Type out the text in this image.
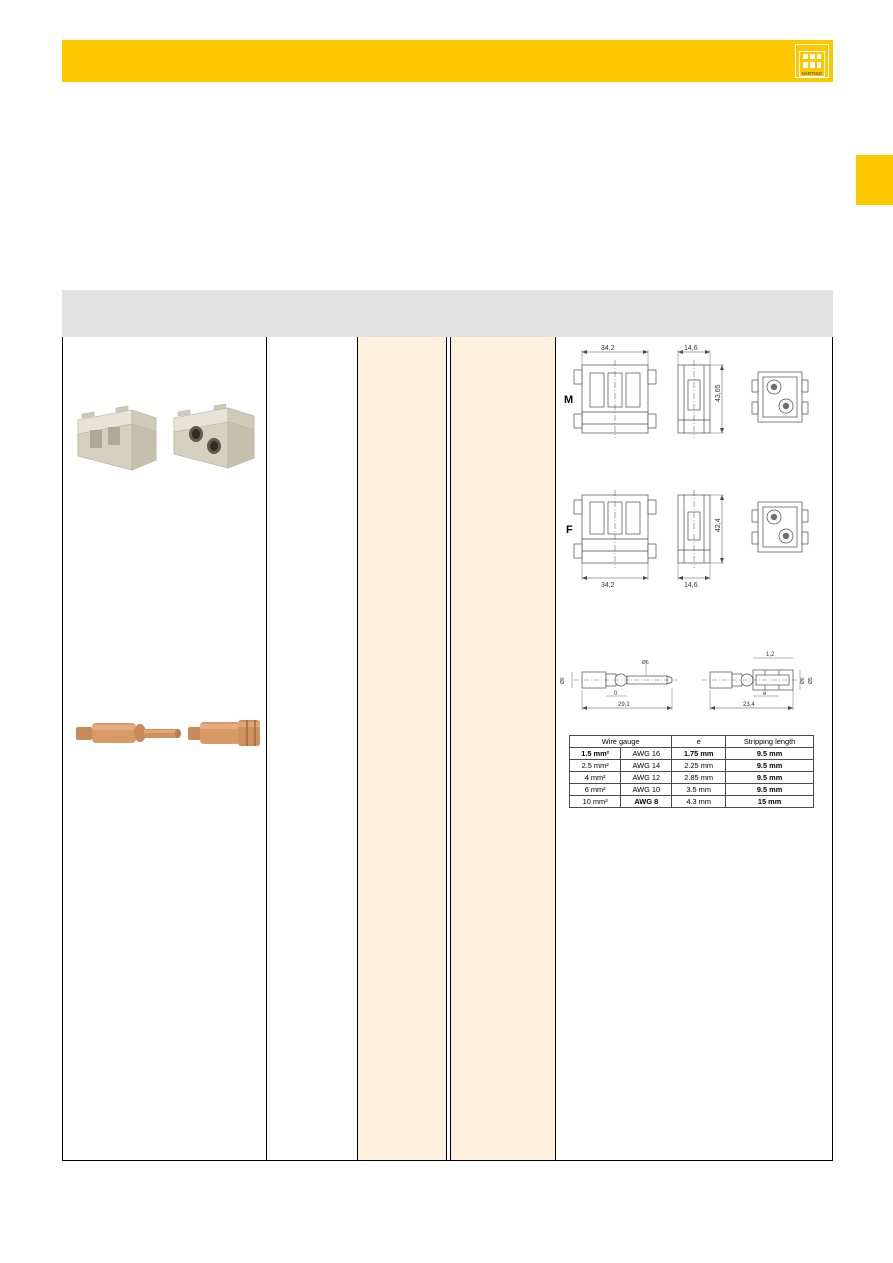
HARTING
34,2	14,6
43,65
34,2	14,6
42,4
Ø6
Ø6
29,1
0
Ø6 Ø5
1,2
23,4
e
M
F
Wire gauge		e	Stripping length
1.5 mm²	AWG 16	1.75 mm	9.5 mm
2.5 mm²	AWG 14	2.25 mm	9.5 mm
4 mm²	AWG 12	2.85 mm	9.5 mm
6 mm²	AWG 10	3.5 mm	9.5 mm
10 mm²	AWG 8	4.3 mm	15 mm
